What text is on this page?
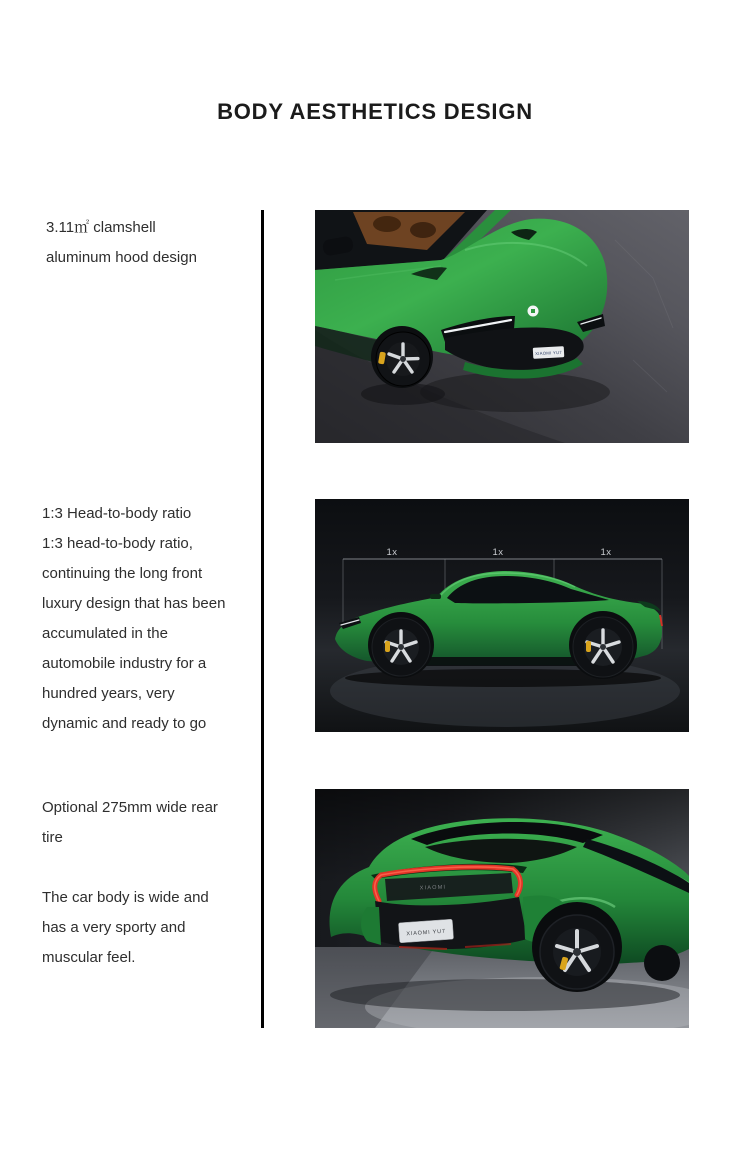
BODY AESTHETICS DESIGN

3.11㎡ clamshell
aluminum hood design

1:3 Head-to-body ratio
1:3 head-to-body ratio,
continuing the long front
luxury design that has been
accumulated in the
automobile industry for a
hundred years, very
dynamic and ready to go

Optional 275mm wide rear
tire

The car body is wide and
has a very sporty and
muscular feel.

XIAOMI YU7
1x	1x	1x
XIAOMI
XIAOMI YU7
